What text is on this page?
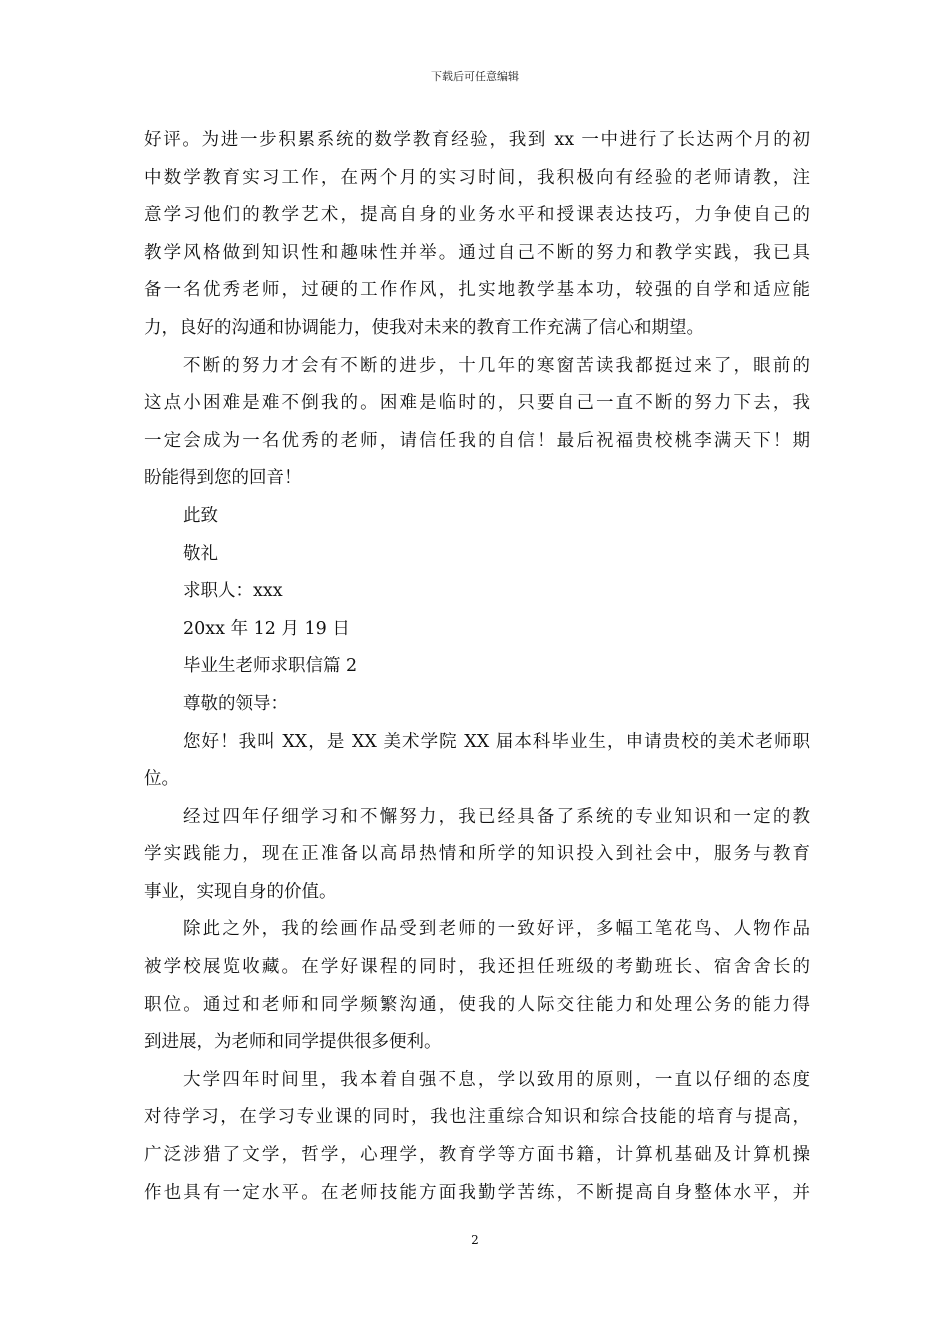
下载后可任意编辑
好评。为进一步积累系统的数学教育经验，我到 xx 一中进行了长达两个月的初
中数学教育实习工作，在两个月的实习时间，我积极向有经验的老师请教，注
意学习他们的教学艺术，提高自身的业务水平和授课表达技巧，力争使自己的
教学风格做到知识性和趣味性并举。通过自己不断的努力和教学实践，我已具
备一名优秀老师，过硬的工作作风，扎实地教学基本功，较强的自学和适应能
力，良好的沟通和协调能力，使我对未来的教育工作充满了信心和期望。
不断的努力才会有不断的进步，十几年的寒窗苦读我都挺过来了，眼前的
这点小困难是难不倒我的。困难是临时的，只要自己一直不断的努力下去，我
一定会成为一名优秀的老师，请信任我的自信！最后祝福贵校桃李满天下！期
盼能得到您的回音！
此致
敬礼
求职人：xxx
20xx 年 12 月 19 日
毕业生老师求职信篇 2
尊敬的领导：
您好！我叫 XX，是 XX 美术学院 XX 届本科毕业生，申请贵校的美术老师职
位。
经过四年仔细学习和不懈努力，我已经具备了系统的专业知识和一定的教
学实践能力，现在正准备以高昂热情和所学的知识投入到社会中，服务与教育
事业，实现自身的价值。
除此之外，我的绘画作品受到老师的一致好评，多幅工笔花鸟、人物作品
被学校展览收藏。在学好课程的同时，我还担任班级的考勤班长、宿舍舍长的
职位。通过和老师和同学频繁沟通，使我的人际交往能力和处理公务的能力得
到进展，为老师和同学提供很多便利。
大学四年时间里，我本着自强不息，学以致用的原则，一直以仔细的态度
对待学习，在学习专业课的同时，我也注重综合知识和综合技能的培育与提高，
广泛涉猎了文学，哲学，心理学，教育学等方面书籍，计算机基础及计算机操
作也具有一定水平。在老师技能方面我勤学苦练，不断提高自身整体水平，并
2
